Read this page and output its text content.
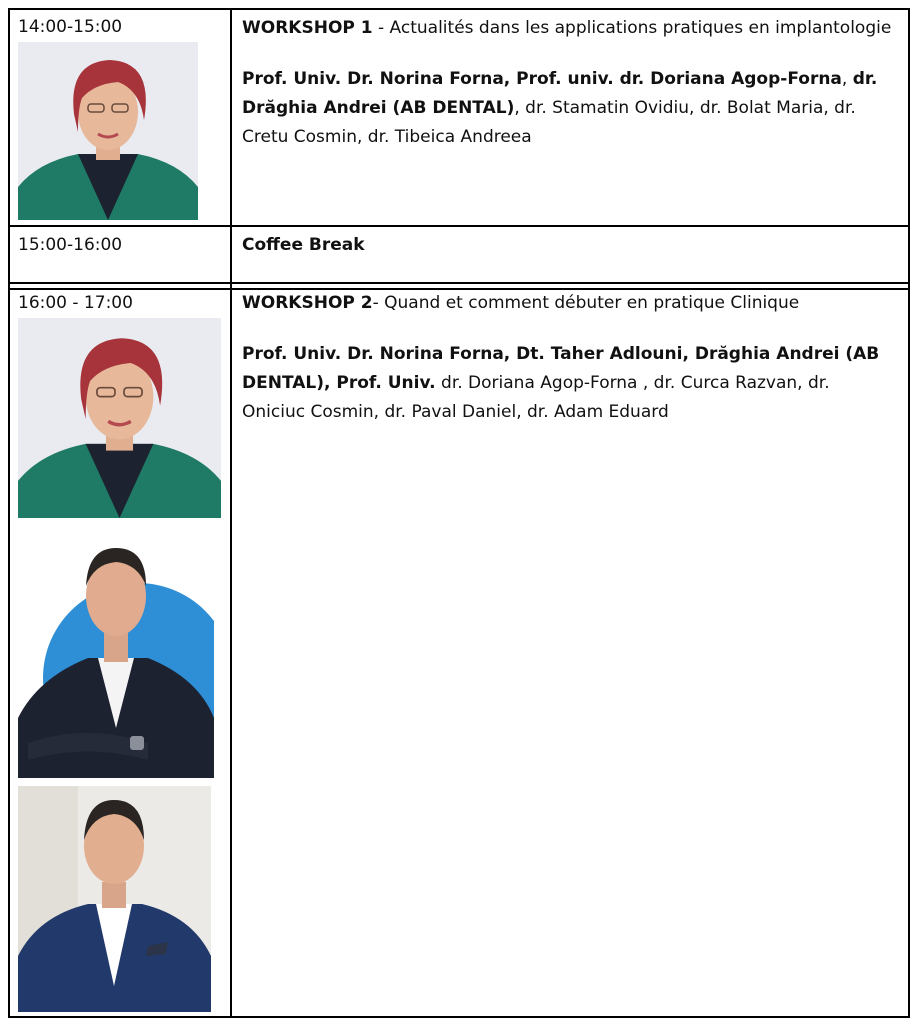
14:00-15:00	WORKSHOP 1 - Actualités dans les applications pratiques en implantologie

Prof. Univ. Dr. Norina Forna, Prof. univ. dr. Doriana Agop-Forna, dr. Drăghia Andrei (AB DENTAL), dr. Stamatin Ovidiu, dr. Bolat Maria, dr. Cretu Cosmin, dr. Tibeica Andreea

15:00-16:00	Coffee Break

16:00 - 17:00	WORKSHOP 2- Quand et comment débuter en pratique Clinique

Prof. Univ. Dr. Norina Forna, Dt. Taher Adlouni, Drăghia Andrei (AB DENTAL), Prof. Univ. dr. Doriana Agop-Forna , dr. Curca Razvan, dr. Oniciuc Cosmin, dr. Paval Daniel, dr. Adam Eduard
